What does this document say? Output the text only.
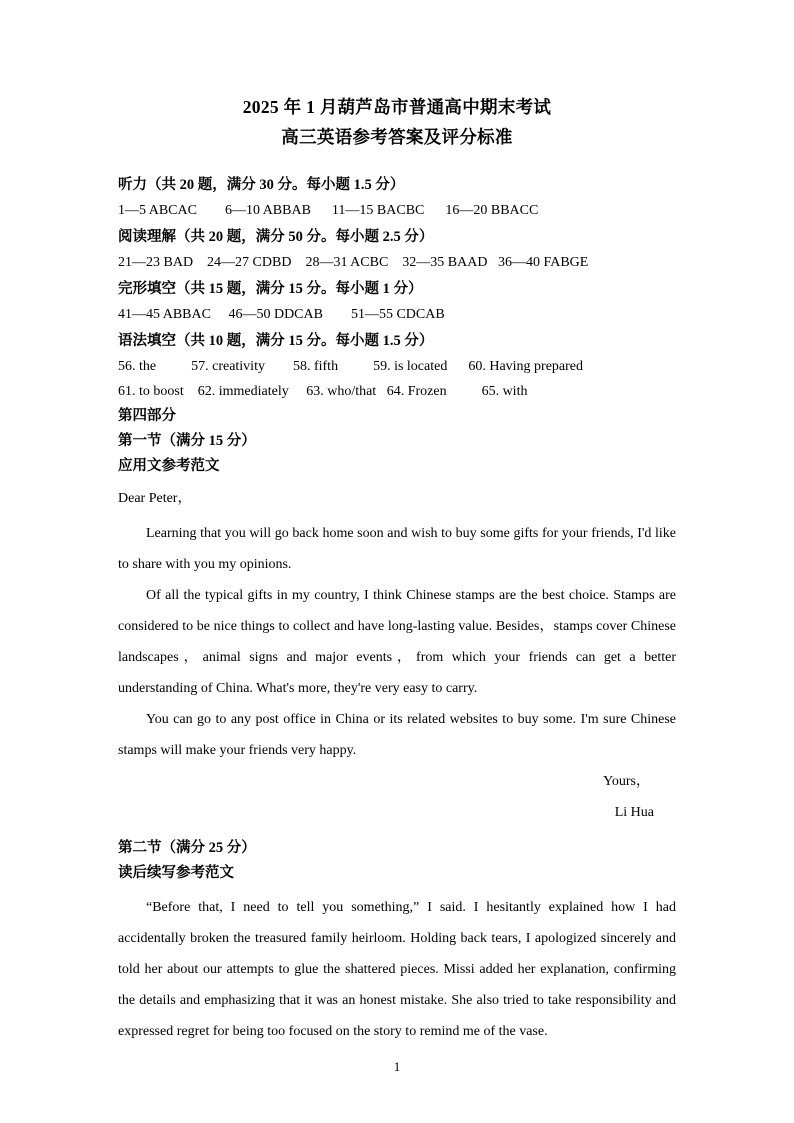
2025 年 1 月葫芦岛市普通高中期末考试
高三英语参考答案及评分标准
听力（共 20 题，满分 30 分。每小题 1.5 分）
1—5 ABCAC        6—10 ABBAB      11—15 BACBC      16—20 BBACC
阅读理解（共 20 题，满分 50 分。每小题 2.5 分）
21—23 BAD    24—27 CDBD    28—31 ACBC    32—35 BAAD   36—40 FABGE
完形填空（共 15 题，满分 15 分。每小题 1 分）
41—45 ABBAC     46—50 DDCAB        51—55 CDCAB
语法填空（共 10 题，满分 15 分。每小题 1.5 分）
56. the          57. creativity        58. fifth          59. is located      60. Having prepared
61. to boost    62. immediately     63. who/that   64. Frozen          65. with
第四部分
第一节（满分 15 分）
应用文参考范文
Dear Peter，

Learning that you will go back home soon and wish to buy some gifts for your friends, I'd like to share with you my opinions.

Of all the typical gifts in my country, I think Chinese stamps are the best choice. Stamps are considered to be nice things to collect and have long-lasting value. Besides，stamps cover Chinese landscapes，animal signs and major events，from which your friends can get a better understanding of China. What's more, they're very easy to carry.

You can go to any post office in China or its related websites to buy some. I'm sure Chinese stamps will make your friends very happy.

Yours，

Li Hua

第二节（满分 25 分）
读后续写参考范文

“Before that, I need to tell you something,” I said. I hesitantly explained how I had accidentally broken the treasured family heirloom. Holding back tears, I apologized sincerely and told her about our attempts to glue the shattered pieces. Missi added her explanation, confirming the details and emphasizing that it was an honest mistake. She also tried to take responsibility and expressed regret for being too focused on the story to remind me of the vase.

1
